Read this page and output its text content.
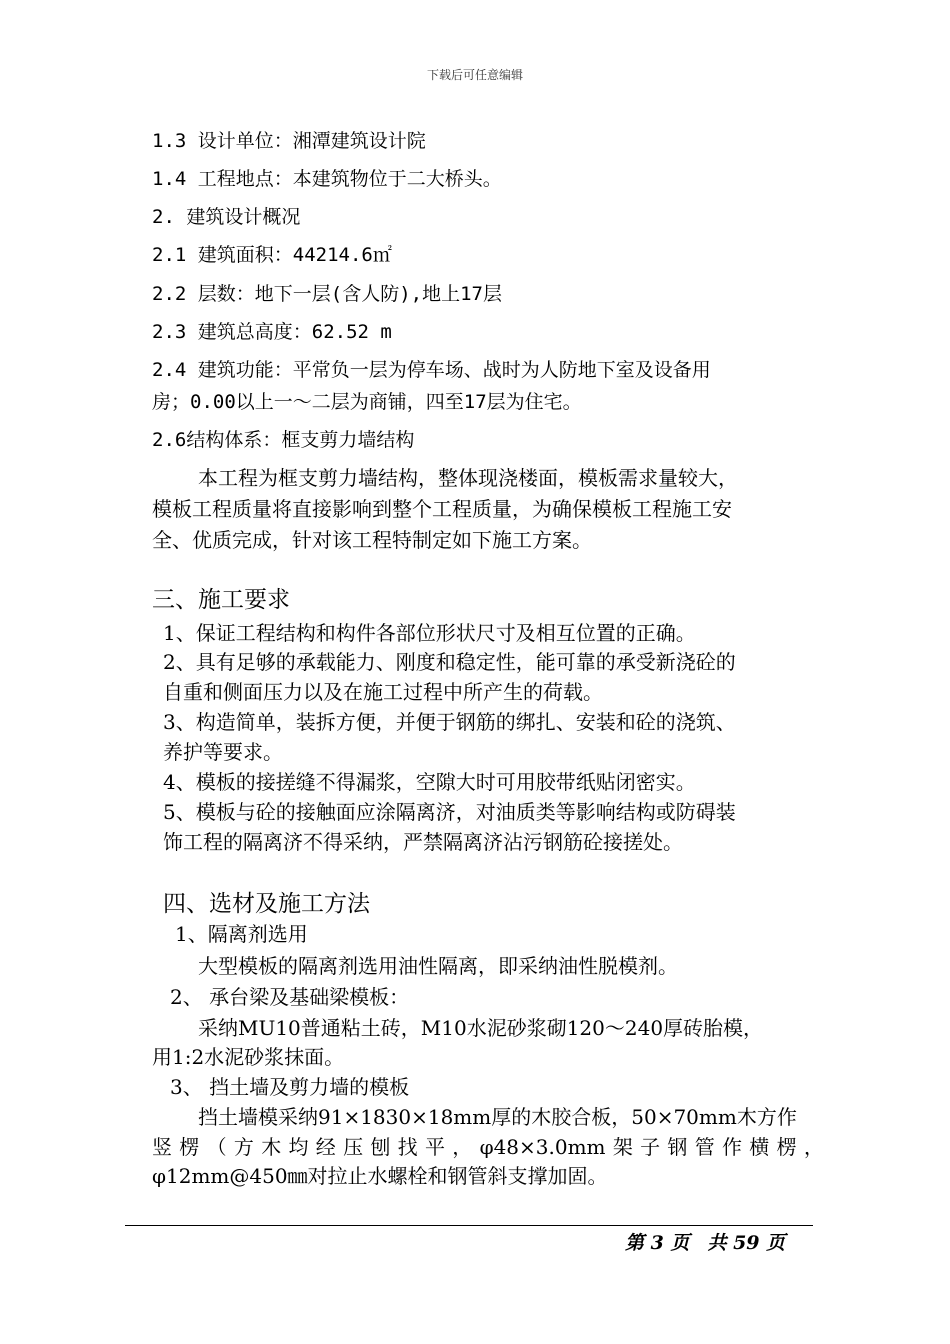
下载后可任意编辑
1.3 设计单位：湘潭建筑设计院
1.4 工程地点：本建筑物位于二大桥头。
2. 建筑设计概况
2.1 建筑面积：44214.6㎡
2.2 层数：地下一层(含人防),地上17层
2.3 建筑总高度：62.52 m
2.4 建筑功能：平常负一层为停车场、战时为人防地下室及设备用
房；0.00以上一～二层为商铺，四至17层为住宅。
2.6结构体系：框支剪力墙结构
本工程为框支剪力墙结构，整体现浇楼面，模板需求量较大，
模板工程质量将直接影响到整个工程质量，为确保模板工程施工安
全、优质完成，针对该工程特制定如下施工方案。
三、施工要求
1、保证工程结构和构件各部位形状尺寸及相互位置的正确。
2、具有足够的承载能力、刚度和稳定性，能可靠的承受新浇砼的
自重和侧面压力以及在施工过程中所产生的荷载。
3、构造简单，装拆方便，并便于钢筋的绑扎、安装和砼的浇筑、
养护等要求。
4、模板的接搓缝不得漏浆，空隙大时可用胶带纸贴闭密实。
5、模板与砼的接触面应涂隔离济，对油质类等影响结构或防碍装
饰工程的隔离济不得采纳，严禁隔离济沾污钢筋砼接搓处。
四、选材及施工方法
1、隔离剂选用
大型模板的隔离剂选用油性隔离，即采纳油性脱模剂。
2、 承台梁及基础梁模板：
采纳MU10普通粘土砖，M10水泥砂浆砌120～240厚砖胎模，
用1:2水泥砂浆抹面。
3、 挡土墙及剪力墙的模板
挡土墙模采纳91×1830×18mm厚的木胶合板，50×70mm木方作
竖 楞 （ 方 木 均 经 压 刨 找 平 ， φ48×3.0mm 架 子 钢 管 作 横 楞 ，
φ12mm@450㎜对拉止水螺栓和钢管斜支撑加固。
第 3 页 共 59 页
